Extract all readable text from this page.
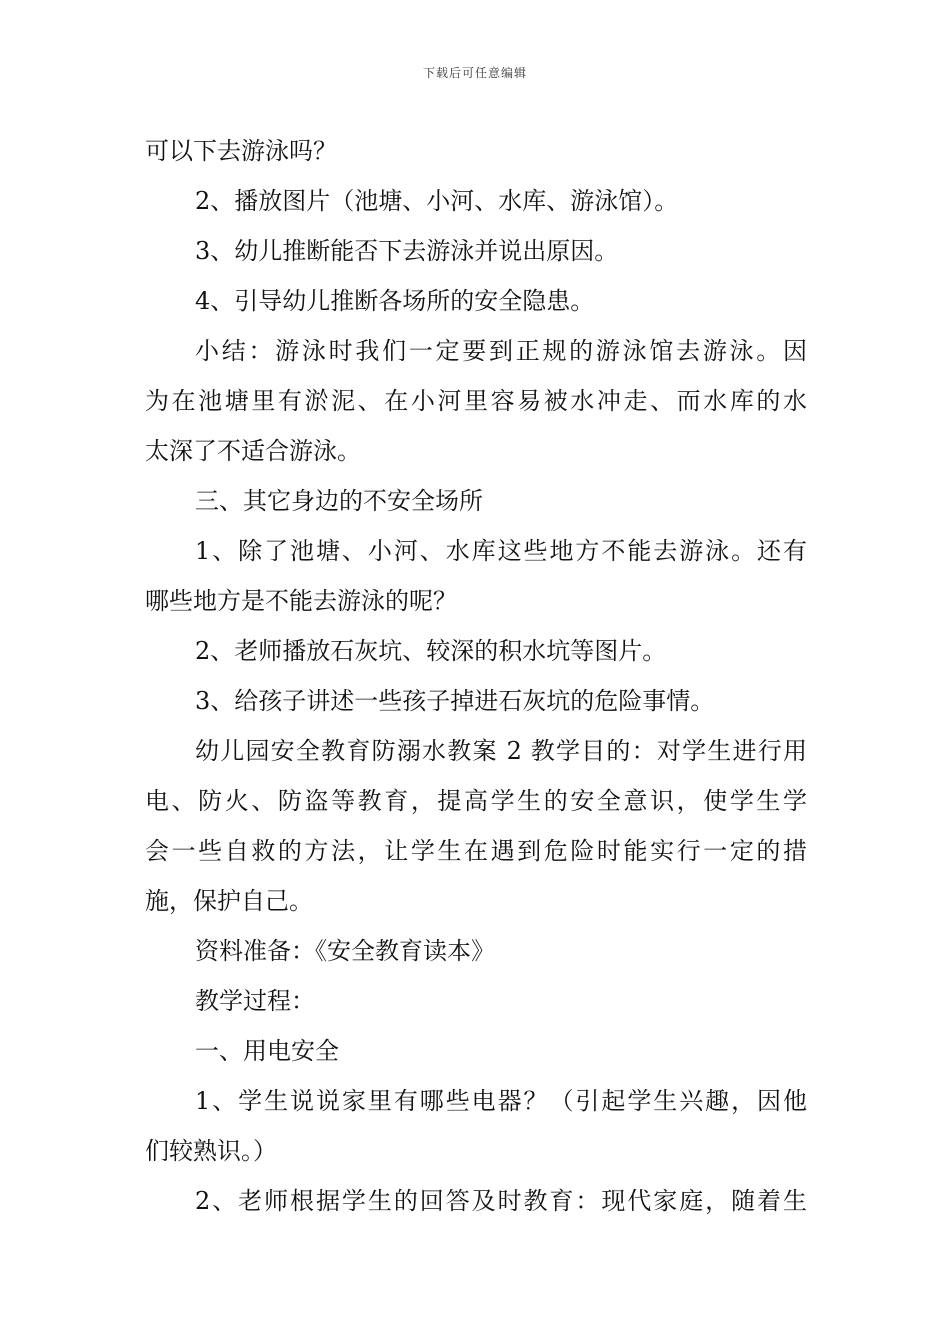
下载后可任意编辑
可以下去游泳吗？
2、播放图片（池塘、小河、水库、游泳馆）。
3、幼儿推断能否下去游泳并说出原因。
4、引导幼儿推断各场所的安全隐患。
小结：游泳时我们一定要到正规的游泳馆去游泳。因
为在池塘里有淤泥、在小河里容易被水冲走、而水库的水
太深了不适合游泳。
三、其它身边的不安全场所
1、除了池塘、小河、水库这些地方不能去游泳。还有
哪些地方是不能去游泳的呢？
2、老师播放石灰坑、较深的积水坑等图片。
3、给孩子讲述一些孩子掉进石灰坑的危险事情。
幼儿园安全教育防溺水教案 2 教学目的：对学生进行用
电、防火、防盗等教育，提高学生的安全意识，使学生学
会一些自救的方法，让学生在遇到危险时能实行一定的措
施，保护自己。
资料准备：《安全教育读本》
教学过程：
一、用电安全
1、学生说说家里有哪些电器？（引起学生兴趣，因他
们较熟识。）
2、老师根据学生的回答及时教育：现代家庭，随着生
